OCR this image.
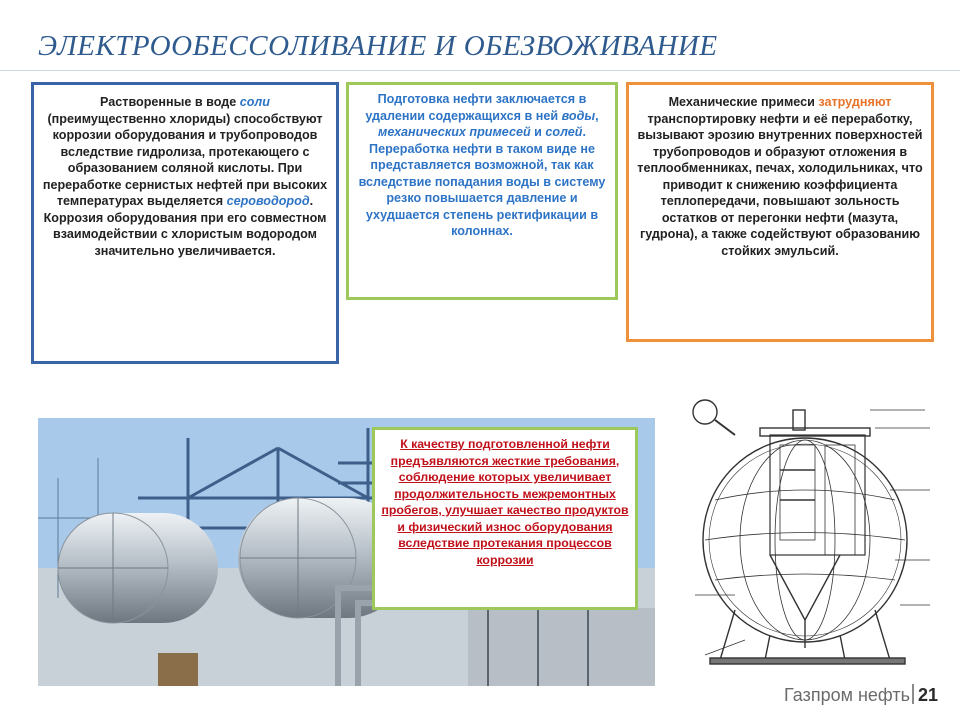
ЭЛЕКТРООБЕССОЛИВАНИЕ И ОБЕЗВОЖИВАНИЕ
Растворенные в воде соли (преимущественно хлориды) способствуют коррозии оборудования и трубопроводов вследствие гидролиза, протекающего с образованием соляной кислоты. При переработке сернистых нефтей при высоких температурах выделяется сероводород. Коррозия оборудования при его совместном взаимодействии с хлористым водородом значительно увеличивается.
Подготовка нефти заключается в удалении содержащихся в ней воды, механических примесей и солей. Переработка нефти в таком виде не представляется возможной, так как вследствие попадания воды в систему резко повышается давление и ухудшается степень ректификации в колоннах.
Механические примеси затрудняют транспортировку нефти и её переработку, вызывают эрозию внутренних поверхностей трубопроводов и образуют отложения в теплообменниках, печах, холодильниках, что приводит к снижению коэффициента теплопередачи, повышают зольность остатков от перегонки нефти (мазута, гудрона), а также содействуют образованию стойких эмульсий.
К качеству подготовленной нефти предъявляются жесткие требования, соблюдение которых увеличивает продолжительность межремонтных пробегов, улучшает качество продуктов и физический износ оборудования вследствие протекания процессов коррозии
Газпром нефть 21
